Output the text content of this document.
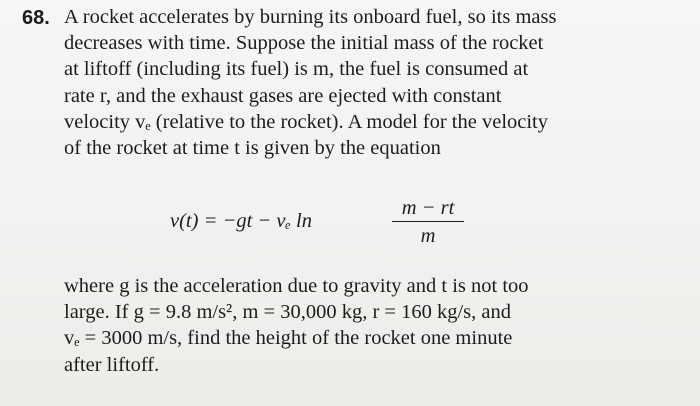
68. A rocket accelerates by burning its onboard fuel, so its mass
decreases with time. Suppose the initial mass of the rocket
at liftoff (including its fuel) is m, the fuel is consumed at
rate r, and the exhaust gases are ejected with constant
velocity vₑ (relative to the rocket). A model for the velocity
of the rocket at time t is given by the equation
v(t) = −gt − vₑ ln
m − rt
m
where g is the acceleration due to gravity and t is not too
large. If g = 9.8 m/s², m = 30,000 kg, r = 160 kg/s, and
vₑ = 3000 m/s, find the height of the rocket one minute
after liftoff.
